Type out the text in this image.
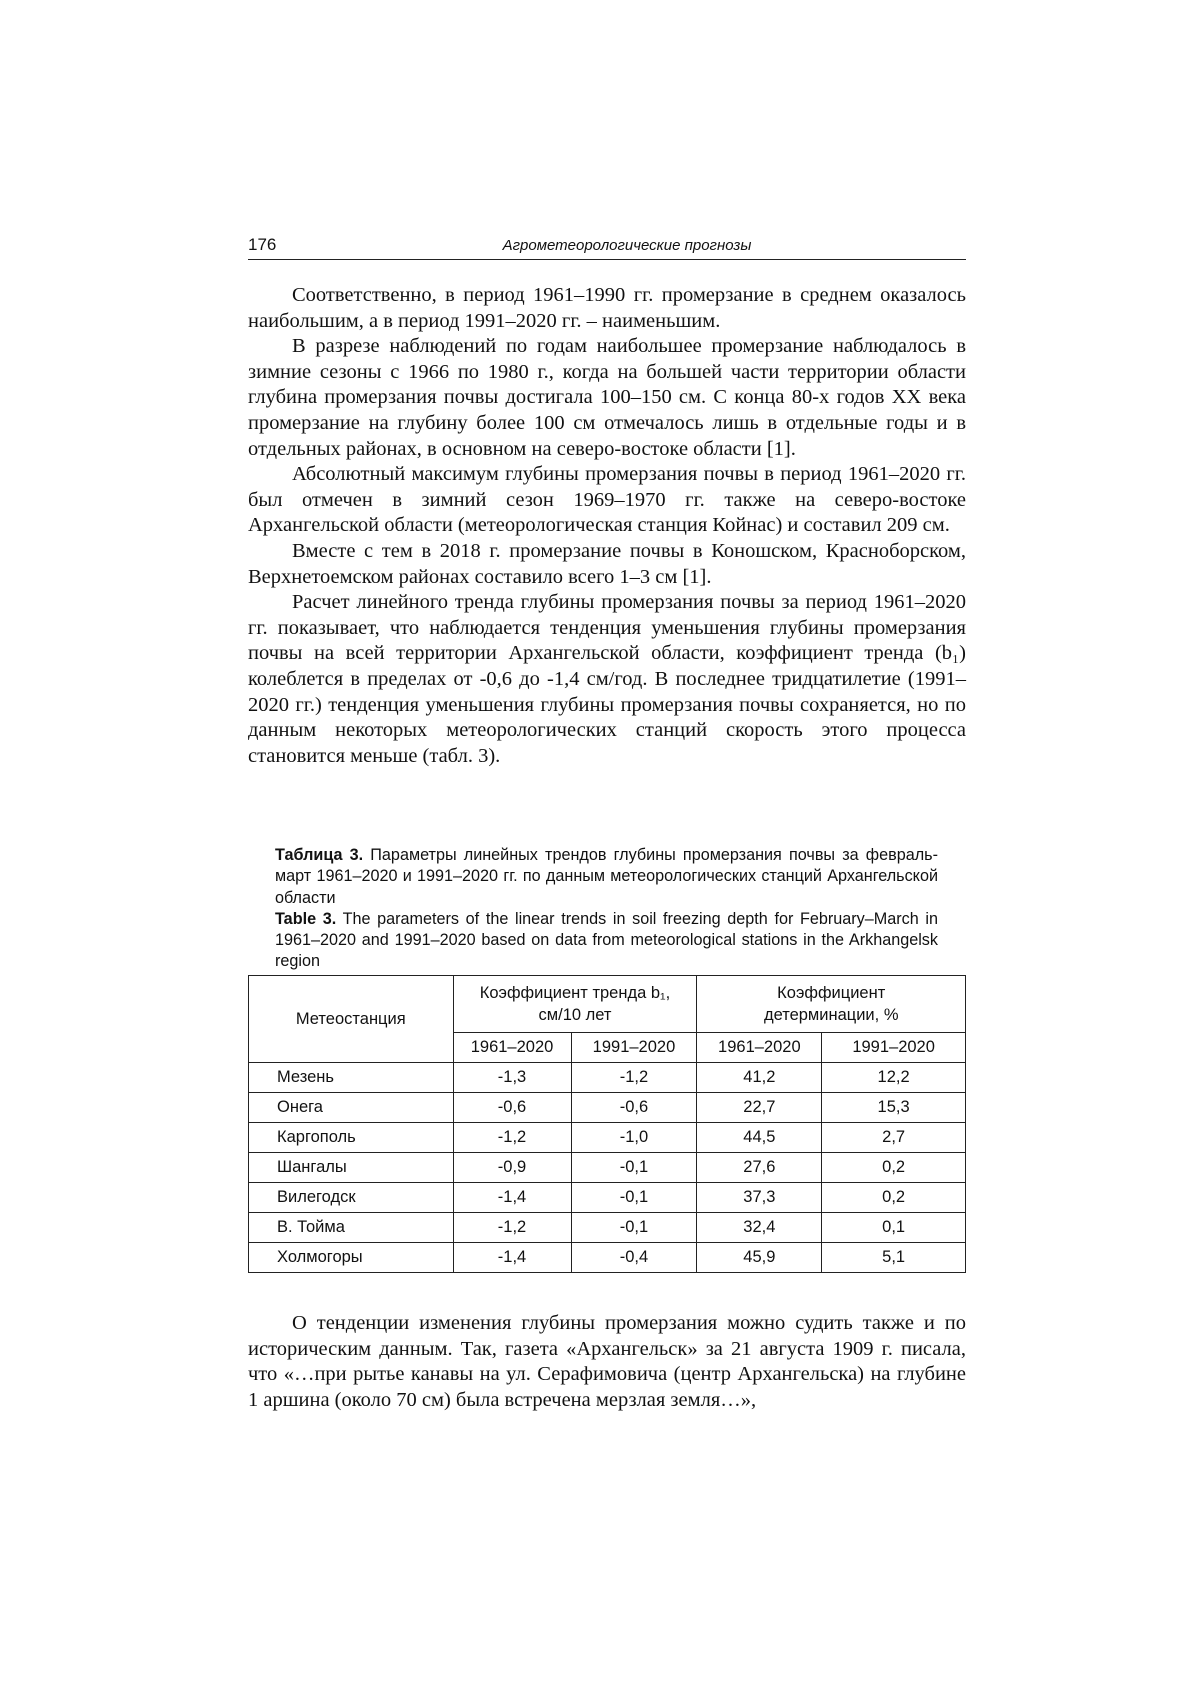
176	Агрометеорологические прогнозы

Соответственно, в период 1961–1990 гг. промерзание в среднем оказалось наибольшим, а в период 1991–2020 гг. – наименьшим.

В разрезе наблюдений по годам наибольшее промерзание наблюдалось в зимние сезоны с 1966 по 1980 г., когда на большей части территории области глубина промерзания почвы достигала 100–150 см. С конца 80-х годов XX века промерзание на глубину более 100 см отмечалось лишь в отдельные годы и в отдельных районах, в основном на северо-востоке области [1].

Абсолютный максимум глубины промерзания почвы в период 1961–2020 гг. был отмечен в зимний сезон 1969–1970 гг. также на северо-востоке Архангельской области (метеорологическая станция Койнас) и составил 209 см.

Вместе с тем в 2018 г. промерзание почвы в Коношском, Красноборском, Верхнетоемском районах составило всего 1–3 см [1].

Расчет линейного тренда глубины промерзания почвы за период 1961–2020 гг. показывает, что наблюдается тенденция уменьшения глубины промерзания почвы на всей территории Архангельской области, коэффициент тренда (b₁) колеблется в пределах от -0,6 до -1,4 см/год. В последнее тридцатилетие (1991–2020 гг.) тенденция уменьшения глубины промерзания почвы сохраняется, но по данным некоторых метеорологических станций скорость этого процесса становится меньше (табл. 3).

Таблица 3. Параметры линейных трендов глубины промерзания почвы за февраль-март 1961–2020 и 1991–2020 гг. по данным метеорологических станций Архангельской области

Table 3. The parameters of the linear trends in soil freezing depth for February–March in 1961–2020 and 1991–2020 based on data from meteorological stations in the Arkhangelsk region

Метеостанция	Коэффициент тренда b₁, см/10 лет		Коэффициент детерминации, %	

	1961–2020	1991–2020	1961–2020	1991–2020
Мезень	-1,3	-1,2	41,2	12,2
Онега	-0,6	-0,6	22,7	15,3
Каргополь	-1,2	-1,0	44,5	2,7
Шангалы	-0,9	-0,1	27,6	0,2
Вилегодск	-1,4	-0,1	37,3	0,2
В. Тойма	-1,2	-0,1	32,4	0,1
Холмогоры	-1,4	-0,4	45,9	5,1

О тенденции изменения глубины промерзания можно судить также и по историческим данным. Так, газета «Архангельск» за 21 августа 1909 г. писала, что «…при рытье канавы на ул. Серафимовича (центр Архангельска) на глубине 1 аршина (около 70 см) была встречена мерзлая земля…»,
